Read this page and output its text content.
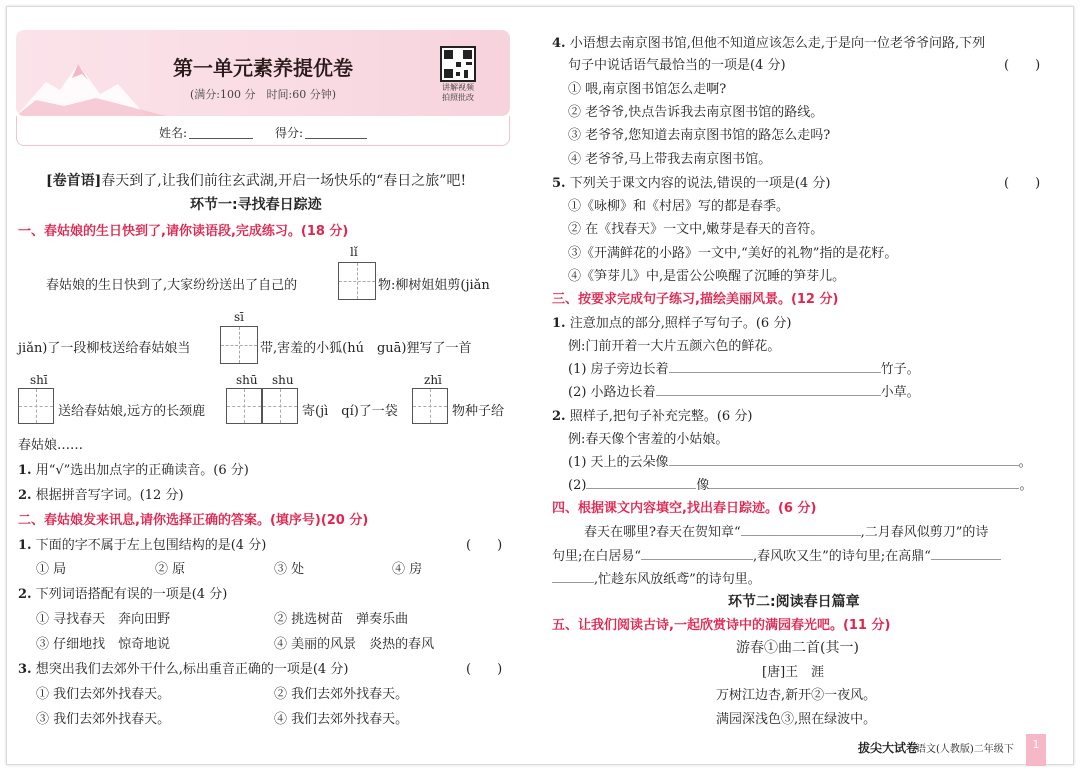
第一单元素养提优卷
(满分:100 分　时间:60 分钟)
讲解视频
拍照批改
姓名:	得分:
[卷首语]春天到了,让我们前往玄武湖,开启一场快乐的“春日之旅”吧!
环节一:寻找春日踪迹
一、春姑娘的生日快到了,请你读语段,完成练习。(18 分)
lǐ
春姑娘的生日快到了,大家纷纷送出了自己的	物:柳树姐姐剪(jiǎn
sī
jiǎn)了一段柳枝送给春姑娘当	带,害羞的小狐(hú　guā)狸写了一首
shī	shū shu	zhī
送给春姑娘,远方的长颈鹿	寄(jì　qí)了一袋	物种子给
春姑娘……
1. 用“√”选出加点字的正确读音。(6 分)
2. 根据拼音写字词。(12 分)
二、春姑娘发来讯息,请你选择正确的答案。(填序号)(20 分)
1. 下面的字不属于左上包围结构的是(4 分)	(　　)
① 局	② 原	③ 处	④ 房
2. 下列词语搭配有误的一项是(4 分)
① 寻找春天　奔向田野	② 挑选树苗　弹奏乐曲
③ 仔细地找　惊奇地说	④ 美丽的风景　炎热的春风
3. 想突出我们去郊外干什么,标出重音正确的一项是(4 分)	(　　)
① 我们去郊外找春天。	② 我们去郊外找春天。
③ 我们去郊外找春天。	④ 我们去郊外找春天。
4. 小语想去南京图书馆,但他不知道应该怎么走,于是向一位老爷爷问路,下列
句子中说话语气最恰当的一项是(4 分)	(　　)
① 喂,南京图书馆怎么走啊?
② 老爷爷,快点告诉我去南京图书馆的路线。
③ 老爷爷,您知道去南京图书馆的路怎么走吗?
④ 老爷爷,马上带我去南京图书馆。
5. 下列关于课文内容的说法,错误的一项是(4 分)	(　　)
①《咏柳》和《村居》写的都是春季。
② 在《找春天》一文中,嫩芽是春天的音符。
③《开满鲜花的小路》一文中,“美好的礼物”指的是花籽。
④《笋芽儿》中,是雷公公唤醒了沉睡的笋芽儿。
三、按要求完成句子练习,描绘美丽风景。(12 分)
1. 注意加点的部分,照样子写句子。(6 分)
例:门前开着一大片五颜六色的鲜花。
(1) 房子旁边长着	竹子。
(2) 小路边长着	小草。
2. 照样子,把句子补充完整。(6 分)
例:春天像个害羞的小姑娘。
(1) 天上的云朵像	。
(2)	像	。
四、根据课文内容填空,找出春日踪迹。(6 分)
春天在哪里?春天在贺知章“	,二月春风似剪刀”的诗
句里;在白居易“	,春风吹又生”的诗句里;在高鼎“
,忙趁东风放纸鸢”的诗句里。
环节二:阅读春日篇章
五、让我们阅读古诗,一起欣赏诗中的满园春光吧。(11 分)
游春①曲二首(其一)
[唐]王　涯
万树江边杏,新开②一夜风。
满园深浅色③,照在绿波中。
拔尖大试卷
语文(人教版)二年级下	1
